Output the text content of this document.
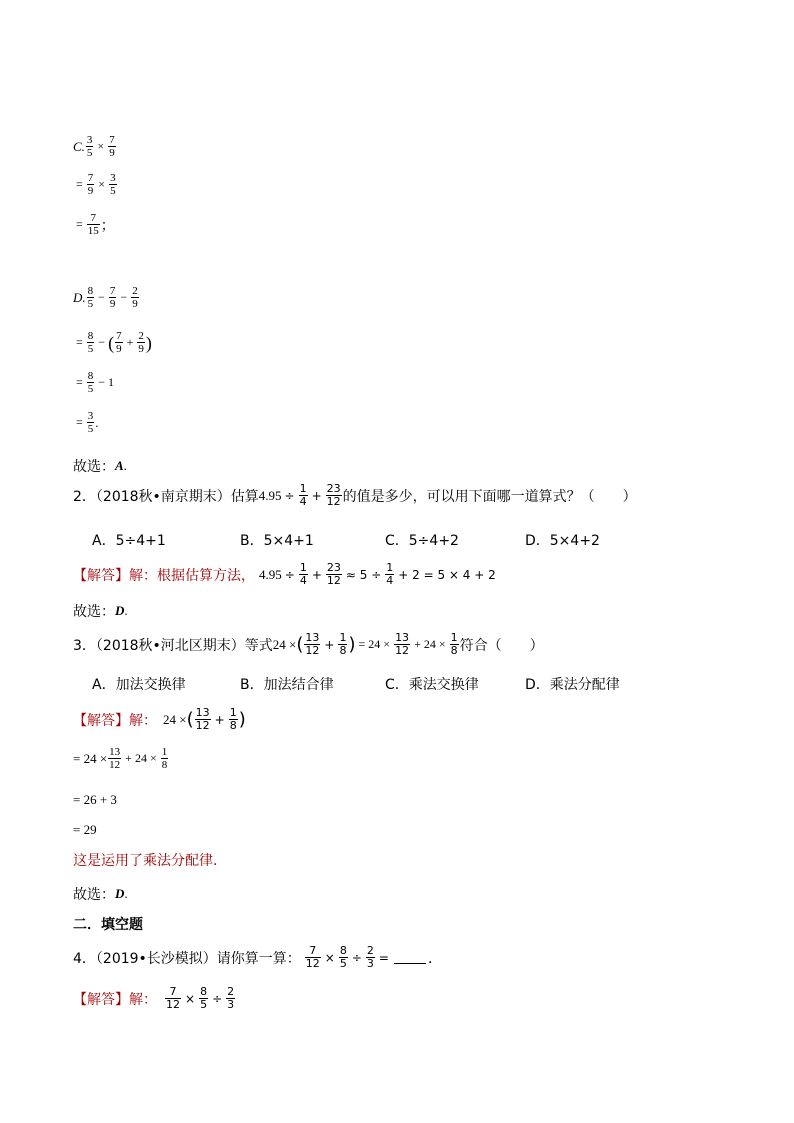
C. $\frac{3}{5} \times \frac{7}{9}$
= $\frac{7}{9} \times \frac{3}{5}$
= $\frac{7}{15}$ ；
D. $\frac{8}{5} - \frac{7}{9} - \frac{2}{9}$
= $\frac{8}{5}$ − ( $\frac{7}{9} + \frac{2}{9}$ )
= $\frac{8}{5} - 1$
= $\frac{3}{5}$ .
故选： A .
2．（2018秋•南京期末）估算 $4.95 \div \frac{1}{4} + \frac{23}{12}$ 的值是多少，可以用下面哪一道算式？（　　）
A．5÷4+1	B．5×4+1	C．5÷4+2	D．5×4+2
【解答】 解：根据估算方法， $4.95 \div \frac{1}{4} + \frac{23}{12} \approx 5 \div \frac{1}{4} + 2 = 5 \times 4 + 2$
故选： D .
3．（2018秋•河北区期末）等式 24 × ( $\frac{13}{12} + \frac{1}{8}$ ) = $24 \times \frac{13}{12} + 24 \times \frac{1}{8}$ 符合（　　）
A．加法交换律	B．加法结合律	C．乘法交换律	D．乘法分配律
【解答】 解： 24 × ( $\frac{13}{12} + \frac{1}{8}$ )
= $24 \times \frac{13}{12} + 24 \times \frac{1}{8}$
= 26 + 3
= 29
这是运用了乘法分配律．
故选： D .
二．填空题
4．（2019•长沙模拟）请你算一算： $\frac{7}{12} \times \frac{8}{5} \div \frac{2}{3}$ =	．
【解答】 解： $\frac{7}{12} \times \frac{8}{5} \div \frac{2}{3}$
